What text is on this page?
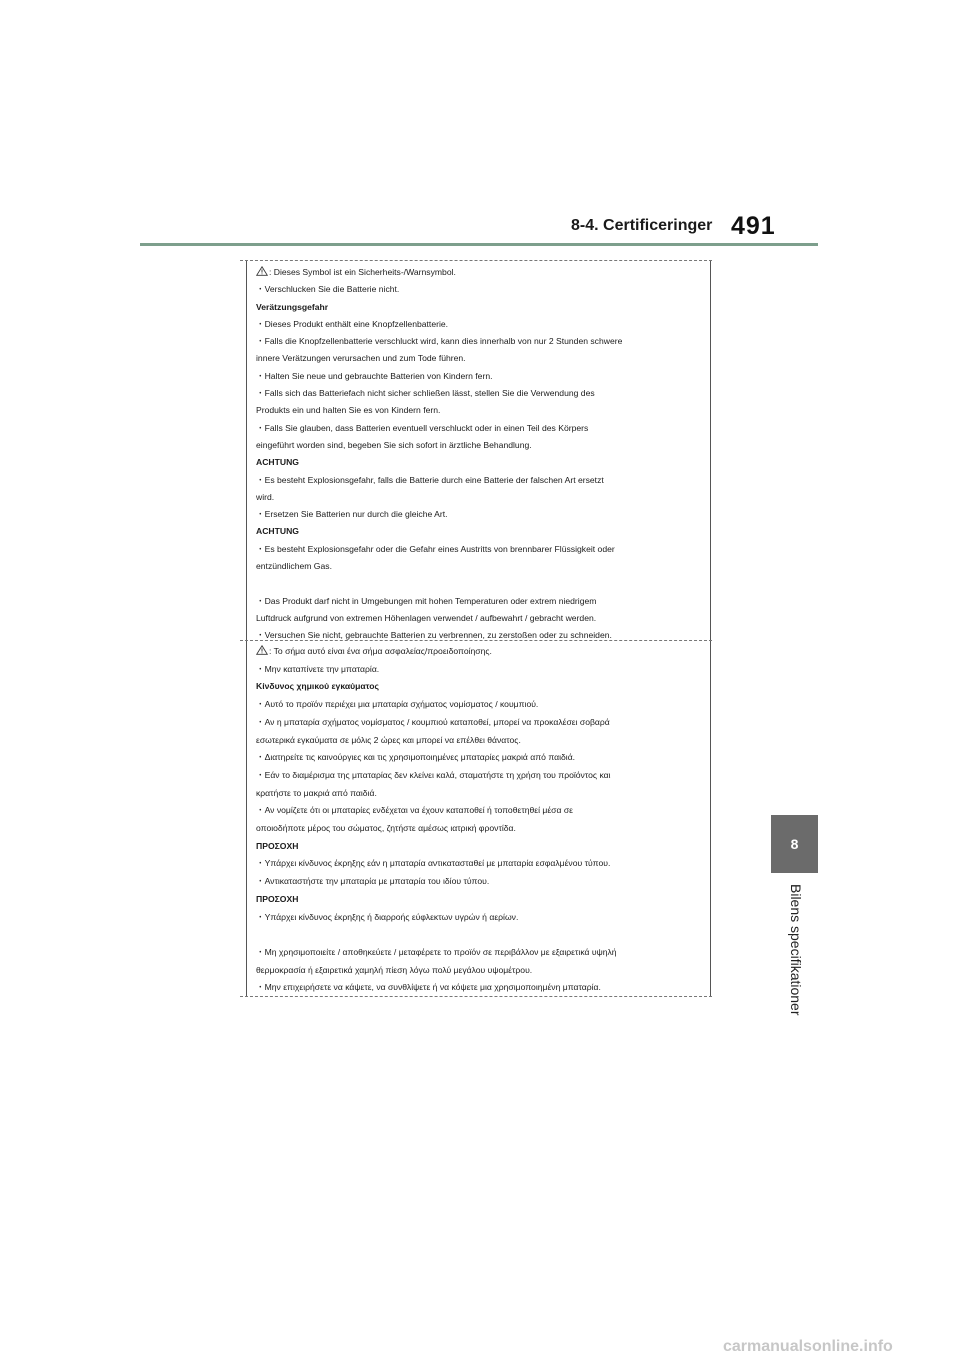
8-4. Certificeringer 491
8
Bilens specifikationer

: Dieses Symbol ist ein Sicherheits-/Warnsymbol.

・Verschlucken Sie die Batterie nicht.

Verätzungsgefahr

・Dieses Produkt enthält eine Knopfzellenbatterie.

・Falls die Knopfzellenbatterie verschluckt wird, kann dies innerhalb von nur 2 Stunden schwere

innere Verätzungen verursachen und zum Tode führen.

・Halten Sie neue und gebrauchte Batterien von Kindern fern.

・Falls sich das Batteriefach nicht sicher schließen lässt, stellen Sie die Verwendung des

Produkts ein und halten Sie es von Kindern fern.

・Falls Sie glauben, dass Batterien eventuell verschluckt oder in einen Teil des Körpers

eingeführt worden sind, begeben Sie sich sofort in ärztliche Behandlung.

ACHTUNG

・Es besteht Explosionsgefahr, falls die Batterie durch eine Batterie der falschen Art ersetzt

wird.

・Ersetzen Sie Batterien nur durch die gleiche Art.

ACHTUNG

・Es besteht Explosionsgefahr oder die Gefahr eines Austritts von brennbarer Flüssigkeit oder

entzündlichem Gas.

・Das Produkt darf nicht in Umgebungen mit hohen Temperaturen oder extrem niedrigem

Luftdruck aufgrund von extremen Höhenlagen verwendet / aufbewahrt / gebracht werden.

・Versuchen Sie nicht, gebrauchte Batterien zu verbrennen, zu zerstoßen oder zu schneiden.

: Το σήμα αυτό είναι ένα σήμα ασφαλείας/προειδοποίησης.

・Μην καταπίνετε την μπαταρία.

Κίνδυνος χημικού εγκαύματος

・Αυτό το προϊόν περιέχει μια μπαταρία σχήματος νομίσματος / κουμπιού.

・Αν η μπαταρία σχήματος νομίσματος / κουμπιού καταποθεί, μπορεί να προκαλέσει σοβαρά

εσωτερικά εγκαύματα σε μόλις 2 ώρες και μπορεί να επέλθει θάνατος.

・Διατηρείτε τις καινούργιες και τις χρησιμοποιημένες μπαταρίες μακριά από παιδιά.

・Εάν το διαμέρισμα της μπαταρίας δεν κλείνει καλά, σταματήστε τη χρήση του προϊόντος και

κρατήστε το μακριά από παιδιά.

・Αν νομίζετε ότι οι μπαταρίες ενδέχεται να έχουν καταποθεί ή τοποθετηθεί μέσα σε

οποιοδήποτε μέρος του σώματος, ζητήστε αμέσως ιατρική φροντίδα.

ΠΡΟΣΟΧΗ

・Υπάρχει κίνδυνος έκρηξης εάν η μπαταρία αντικατασταθεί με μπαταρία εσφαλμένου τύπου.

・Αντικαταστήστε την μπαταρία με μπαταρία του ιδίου τύπου.

ΠΡΟΣΟΧΗ

・Υπάρχει κίνδυνος έκρηξης ή διαρροής εύφλεκτων υγρών ή αερίων.

・Μη χρησιμοποιείτε / αποθηκεύετε / μεταφέρετε το προϊόν σε περιβάλλον με εξαιρετικά υψηλή

θερμοκρασία ή εξαιρετικά χαμηλή πίεση λόγω πολύ μεγάλου υψομέτρου.

・Μην επιχειρήσετε να κάψετε, να συνθλίψετε ή να κόψετε μια χρησιμοποιημένη μπαταρία.

carmanualsonline.info
